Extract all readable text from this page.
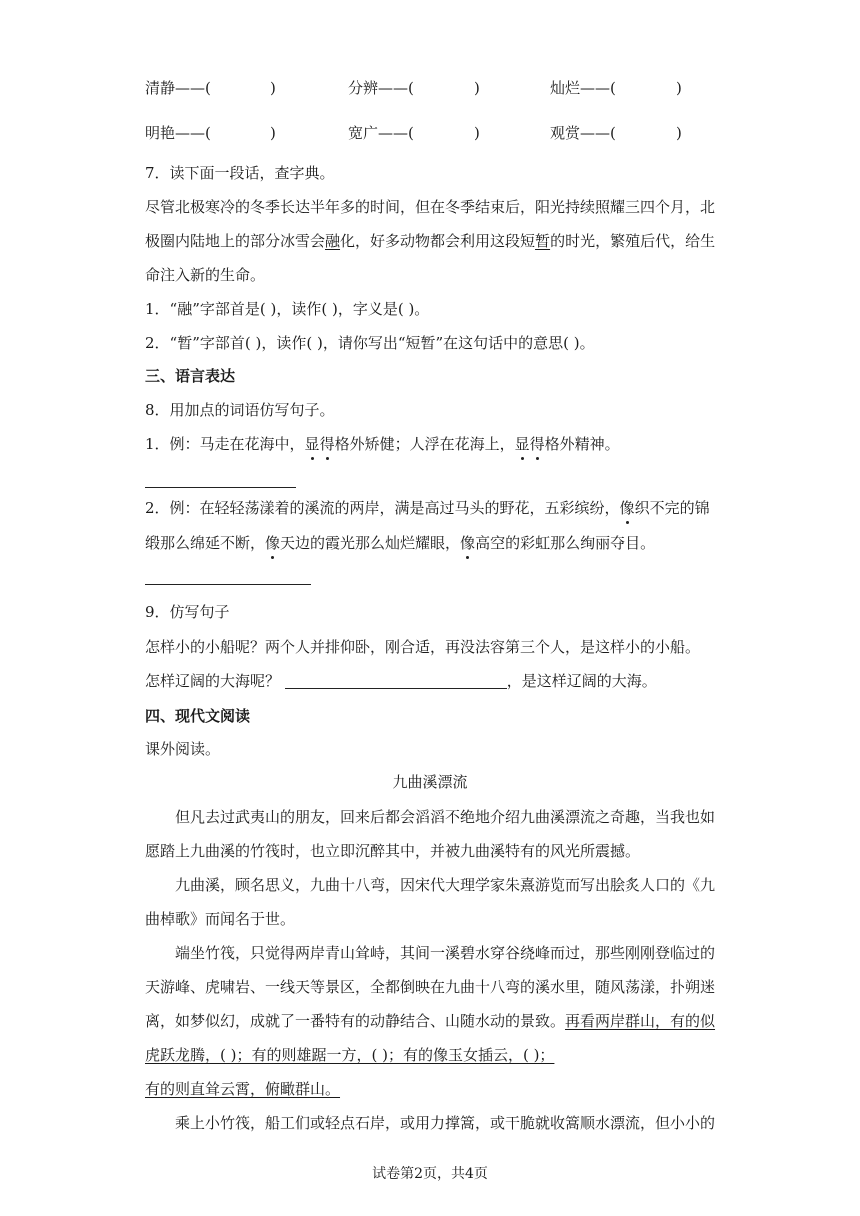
清静——(	)	分辨——(	)	灿烂——(	)
明艳——(	)	宽广——(	)	观赏——(	)
7．读下面一段话，查字典。
尽管北极寒冷的冬季长达半年多的时间，但在冬季结束后，阳光持续照耀三四个月，北
极圈内陆地上的部分冰雪会融化，好多动物都会利用这段短暂的时光，繁殖后代，给生
命注入新的生命。
1．“融”字部首是( )，读作( )，字义是( )。
2．“暂”字部首( )，读作( )，请你写出“短暂”在这句话中的意思( )。
三、语言表达
8．用加点的词语仿写句子。
1．例：马走在花海中，显得格外矫健；人浮在花海上，显得格外精神。
2．例：在轻轻荡漾着的溪流的两岸，满是高过马头的野花，五彩缤纷，像织不完的锦
缎那么绵延不断，像天边的霞光那么灿烂耀眼，像高空的彩虹那么绚丽夺目。
9．仿写句子
怎样小的小船呢？两个人并排仰卧，刚合适，再没法容第三个人，是这样小的小船。
怎样辽阔的大海呢？	，是这样辽阔的大海。
四、现代文阅读
课外阅读。
九曲溪漂流
但凡去过武夷山的朋友，回来后都会滔滔不绝地介绍九曲溪漂流之奇趣，当我也如
愿踏上九曲溪的竹筏时，也立即沉醉其中，并被九曲溪特有的风光所震撼。
九曲溪，顾名思义，九曲十八弯，因宋代大理学家朱熹游览而写出脍炙人口的《九
曲棹歌》而闻名于世。
端坐竹筏，只觉得两岸青山耸峙，其间一溪碧水穿谷绕峰而过，那些刚刚登临过的
天游峰、虎啸岩、一线天等景区，全都倒映在九曲十八弯的溪水里，随风荡漾，扑朔迷
离，如梦似幻，成就了一番特有的动静结合、山随水动的景致。再看两岸群山，有的似
虎跃龙腾，( )；有的则雄踞一方，( )；有的像玉女插云，( )；
有的则直耸云霄，俯瞰群山。
乘上小竹筏，船工们或轻点石岸，或用力撑篙，或干脆就收篙顺水漂流，但小小的
试卷第2页，共4页
